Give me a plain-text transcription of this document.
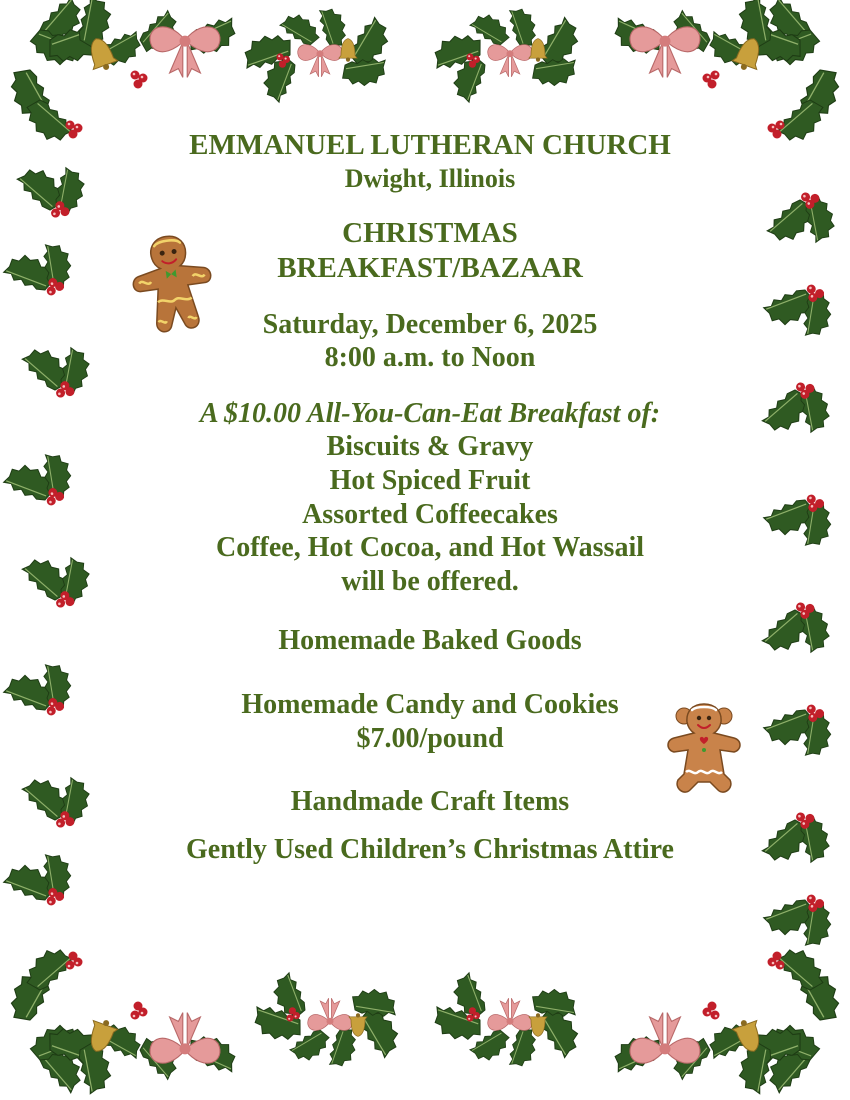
EMMANUEL LUTHERAN CHURCH
Dwight, Illinois
CHRISTMAS
BREAKFAST/BAZAAR
Saturday, December 6, 2025
8:00 a.m. to Noon
A $10.00 All-You-Can-Eat Breakfast of:
Biscuits & Gravy
Hot Spiced Fruit
Assorted Coffeecakes
Coffee, Hot Cocoa, and Hot Wassail
will be offered.
Homemade Baked Goods
Homemade Candy and Cookies
$7.00/pound
Handmade Craft Items
Gently Used Children’s Christmas Attire
